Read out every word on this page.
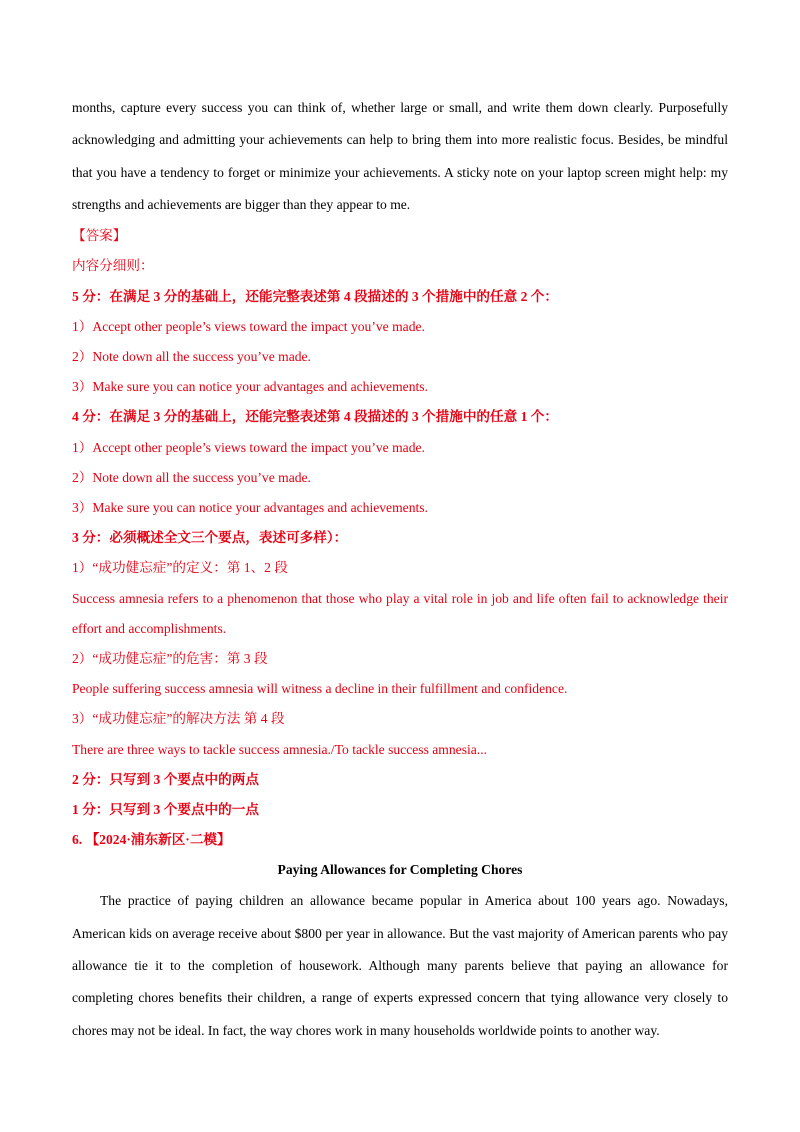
months, capture every success you can think of, whether large or small, and write them down clearly. Purposefully acknowledging and admitting your achievements can help to bring them into more realistic focus. Besides, be mindful that you have a tendency to forget or minimize your achievements. A sticky note on your laptop screen might help: my strengths and achievements are bigger than they appear to me.

【答案】

内容分细则：

5 分：在满足 3 分的基础上，还能完整表述第 4 段描述的 3 个措施中的任意 2 个：

1）Accept other people’s views toward the impact you’ve made.

2）Note down all the success you’ve made.

3）Make sure you can notice your advantages and achievements.

4 分：在满足 3 分的基础上，还能完整表述第 4 段描述的 3 个措施中的任意 1 个：

1）Accept other people’s views toward the impact you’ve made.

2）Note down all the success you’ve made.

3）Make sure you can notice your advantages and achievements.

3 分：必须概述全文三个要点，表述可多样）：

1）“成功健忘症”的定义：第 1、2 段

Success amnesia refers to a phenomenon that those who play a vital role in job and life often fail to acknowledge their effort and accomplishments.

2）“成功健忘症”的危害：第 3 段

People suffering success amnesia will witness a decline in their fulfillment and confidence.

3）“成功健忘症”的解决方法 第 4 段

There are three ways to tackle success amnesia./To tackle success amnesia...

2 分：只写到 3 个要点中的两点

1 分：只写到 3 个要点中的一点

6. 【2024·浦东新区·二模】

Paying Allowances for Completing Chores

The practice of paying children an allowance became popular in America about 100 years ago. Nowadays, American kids on average receive about $800 per year in allowance. But the vast majority of American parents who pay allowance tie it to the completion of housework. Although many parents believe that paying an allowance for completing chores benefits their children, a range of experts expressed concern that tying allowance very closely to chores may not be ideal. In fact, the way chores work in many households worldwide points to another way.
